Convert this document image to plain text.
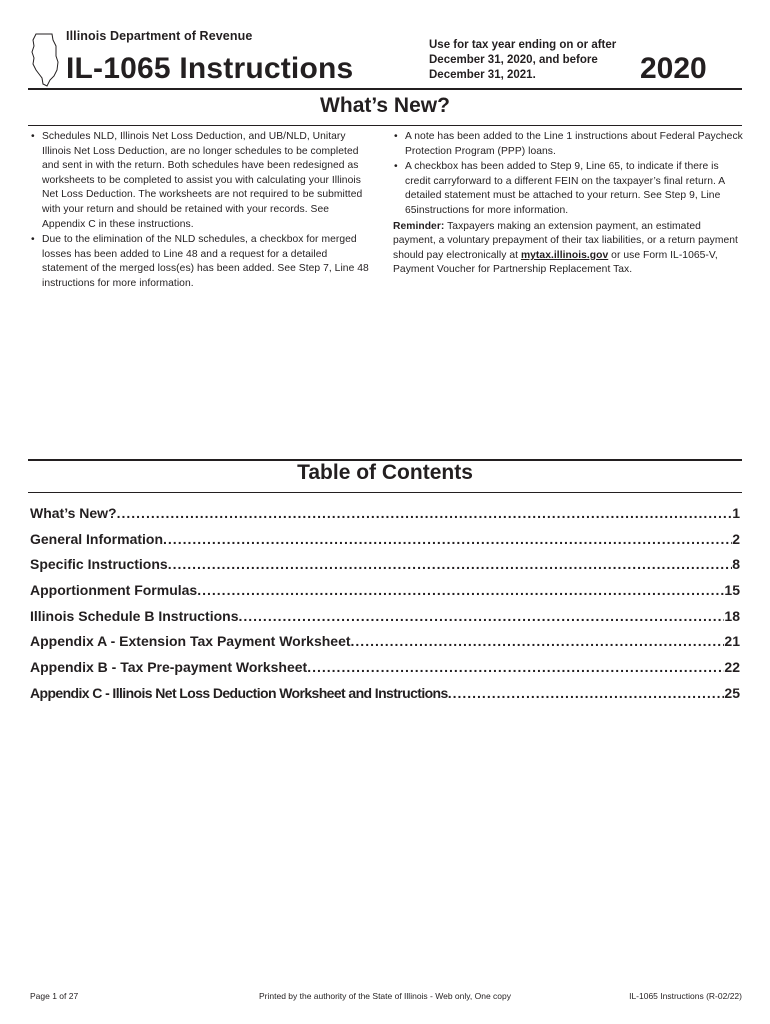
Illinois Department of Revenue
IL-1065 Instructions
Use for tax year ending on or after December 31, 2020, and before December 31, 2021.	2020
What’s New?
• Schedules NLD, Illinois Net Loss Deduction, and UB/NLD, Unitary Illinois Net Loss Deduction, are no longer schedules to be completed and sent in with the return. Both schedules have been redesigned as worksheets to be completed to assist you with calculating your Illinois Net Loss Deduction. The worksheets are not required to be submitted with your return and should be retained with your records. See Appendix C in these instructions.
• Due to the elimination of the NLD schedules, a checkbox for merged losses has been added to Line 48 and a request for a detailed statement of the merged loss(es) has been added. See Step 7, Line 48 instructions for more information.
• A note has been added to the Line 1 instructions about Federal Paycheck Protection Program (PPP) loans.
• A checkbox has been added to Step 9, Line 65, to indicate if there is credit carryforward to a different FEIN on the taxpayer’s final return. A detailed statement must be attached to your return. See Step 9, Line 65instructions for more information.
Reminder: Taxpayers making an extension payment, an estimated payment, a voluntary prepayment of their tax liabilities, or a return payment should pay electronically at mytax.illinois.gov or use Form IL-1065-V, Payment Voucher for Partnership Replacement Tax.
Table of Contents
What’s New? .....	1
General Information .....	2
Specific Instructions .....	8
Apportionment Formulas .....	15
Illinois Schedule B Instructions .....	18
Appendix A - Extension Tax Payment Worksheet .....	21
Appendix B - Tax Pre-payment Worksheet .....	22
Appendix C - Illinois Net Loss Deduction Worksheet and Instructions .....	25
Page 1 of 27	Printed by the authority of the State of Illinois - Web only, One copy	IL-1065 Instructions (R-02/22)
